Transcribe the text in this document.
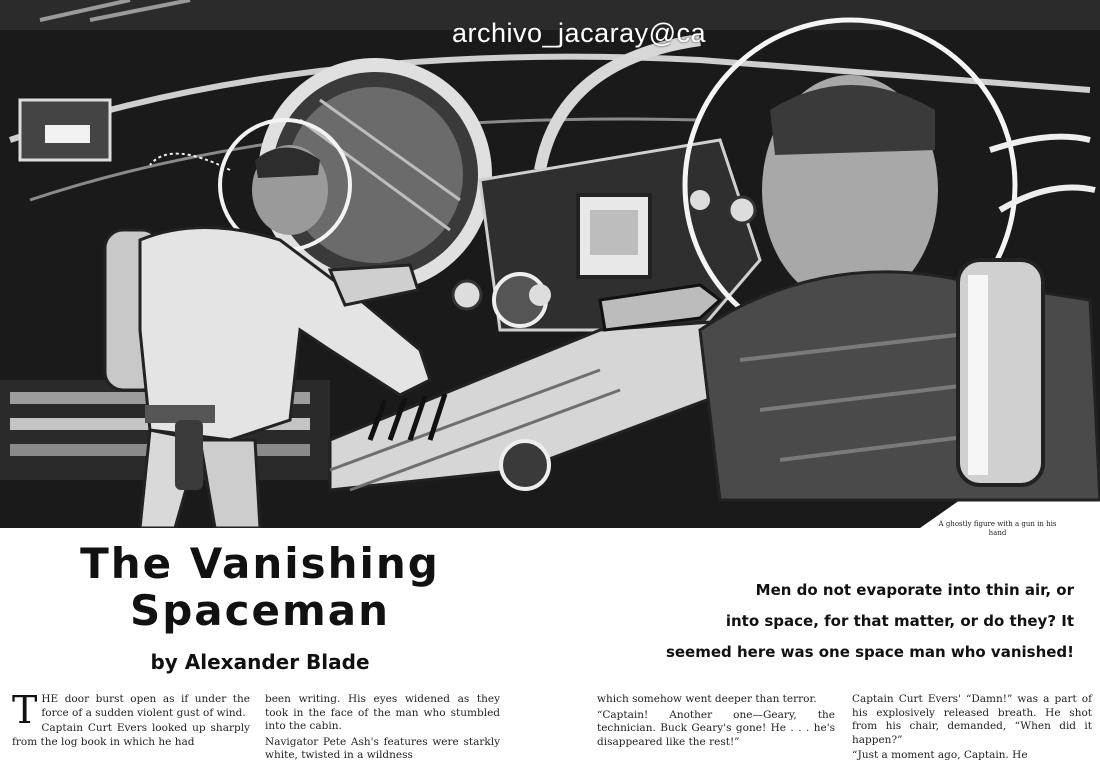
archivo_jacaray@ca
A ghostly figure with a gun in his hand
The Vanishing
Spaceman
by Alexander Blade
Men do not evaporate into thin air, or
into space, for that matter, or do they? It
seemed here was one space man who vanished!

THE door burst open as if under the force of a sudden violent gust of wind.

Captain Curt Evers looked up sharply from the log book in which he had

been writing. His eyes widened as they took in the face of the man who stumbled into the cabin.

Navigator Pete Ash's features were starkly white, twisted in a wildness

which somehow went deeper than terror.

“Captain! Another one—Geary, the technician. Buck Geary's gone! He . . . he's disappeared like the rest!”

Captain Curt Evers' “Damn!” was a part of his explosively released breath. He shot from his chair, demanded, “When did it happen?”

“Just a moment ago, Captain. He
